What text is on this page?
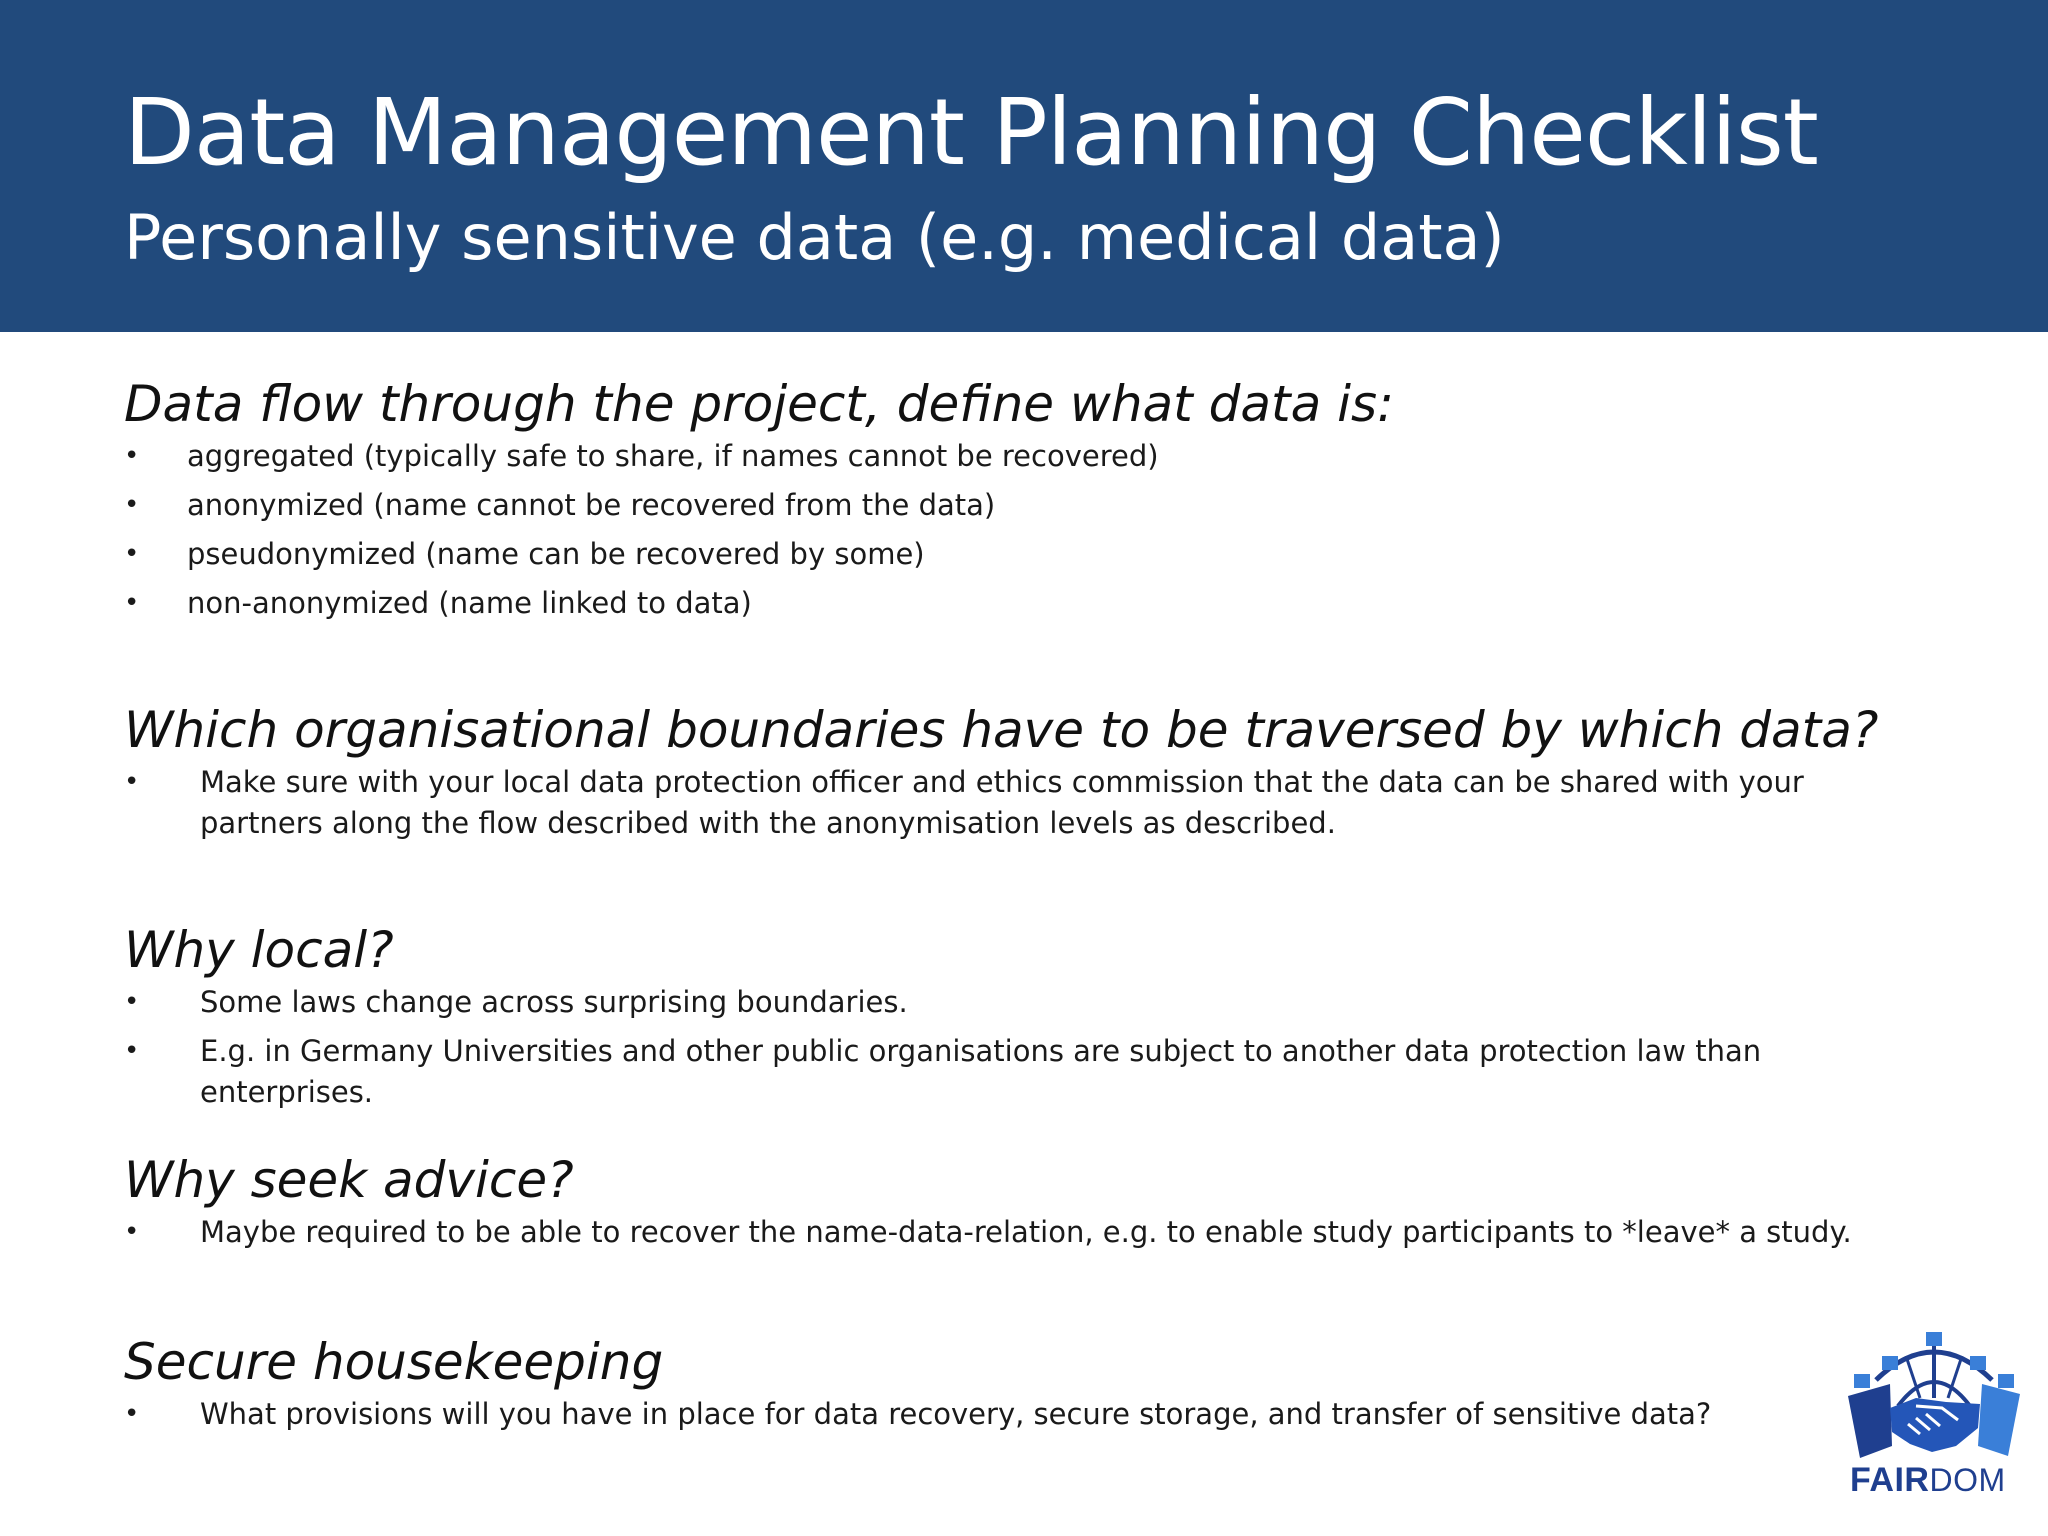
Data Management Planning Checklist
Personally sensitive data (e.g. medical data)
Data flow through the project, define what data is:
• aggregated (typically safe to share, if names cannot be recovered)
• anonymized (name cannot be recovered from the data)
• pseudonymized (name can be recovered by some)
• non-anonymized (name linked to data)
Which organisational boundaries have to be traversed by which data?
• Make sure with your local data protection officer and ethics commission that the data can be shared with your partners along the flow described with the anonymisation levels as described.
Why local?
• Some laws change across surprising boundaries.
• E.g. in Germany Universities and other public organisations are subject to another data protection law than enterprises.
Why seek advice?
• Maybe required to be able to recover the name-data-relation, e.g. to enable study participants to *leave* a study.
Secure housekeeping
• What provisions will you have in place for data recovery, secure storage, and transfer of sensitive data?
FAIRDOM
